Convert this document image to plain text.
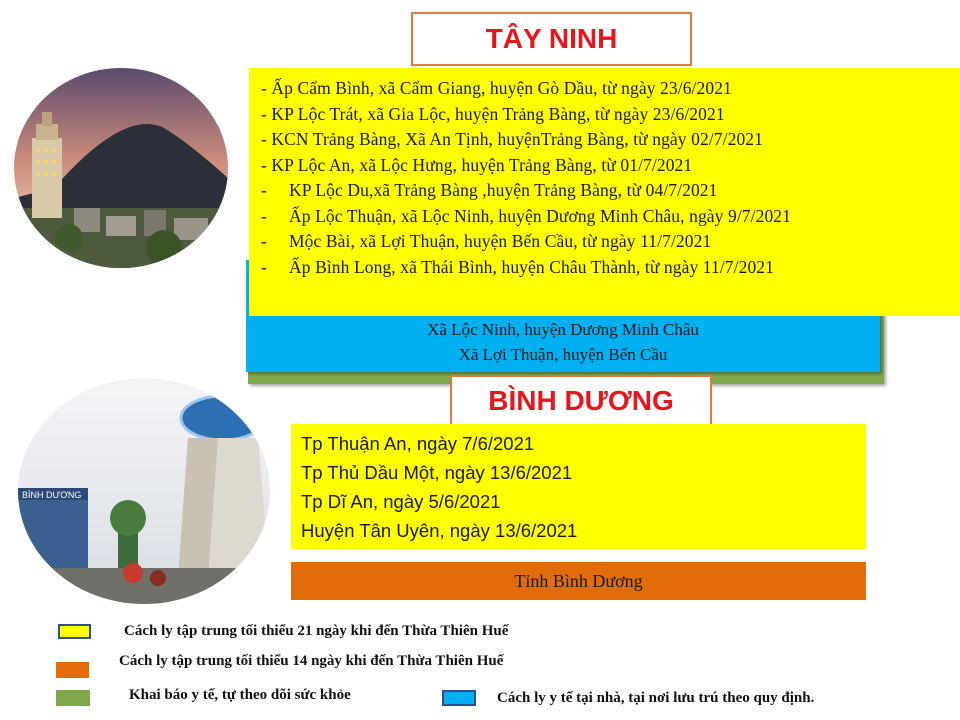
TÂY NINH
Xã Lộc Ninh, huyện Dương Minh Châu
Xã Lợi Thuận, huyện Bến Cầu
- Ấp Cẩm Bình, xã Cẩm Giang, huyện Gò Dầu, từ ngày 23/6/2021
- KP Lộc Trát, xã Gia Lộc, huyện Trảng Bàng, từ ngày 23/6/2021
- KCN Trảng Bàng, Xã An Tịnh, huyệnTrảng Bàng, từ ngày 02/7/2021
- KP Lộc An, xã Lộc Hưng, huyện Trảng Bàng, từ 01/7/2021
- KP Lộc Du,xã Trảng Bàng ,huyện Trảng Bàng, từ 04/7/2021
- Ấp Lộc Thuận, xã Lộc Ninh, huyện Dương Minh Châu, ngày 9/7/2021
- Mộc Bài, xã Lợi Thuận, huyện Bến Cầu, từ ngày 11/7/2021
- Ấp Bình Long, xã Thái Bình, huyện Châu Thành, từ ngày 11/7/2021
BÌNH DƯƠNG
BÌNH DƯƠNG
Tp Thuận An, ngày 7/6/2021
Tp Thủ Dầu Một, ngày 13/6/2021
Tp Dĩ An, ngày 5/6/2021
Huyện Tân Uyên, ngày 13/6/2021
Tỉnh Bình Dương
Cách ly tập trung tối thiểu 21 ngày khi đến Thừa Thiên Huế
Cách ly tập trung tối thiểu 14 ngày khi đến Thừa Thiên Huế
Khai báo y tế, tự theo dõi sức khỏe	Cách ly y tế tại nhà, tại nơi lưu trú theo quy định.
